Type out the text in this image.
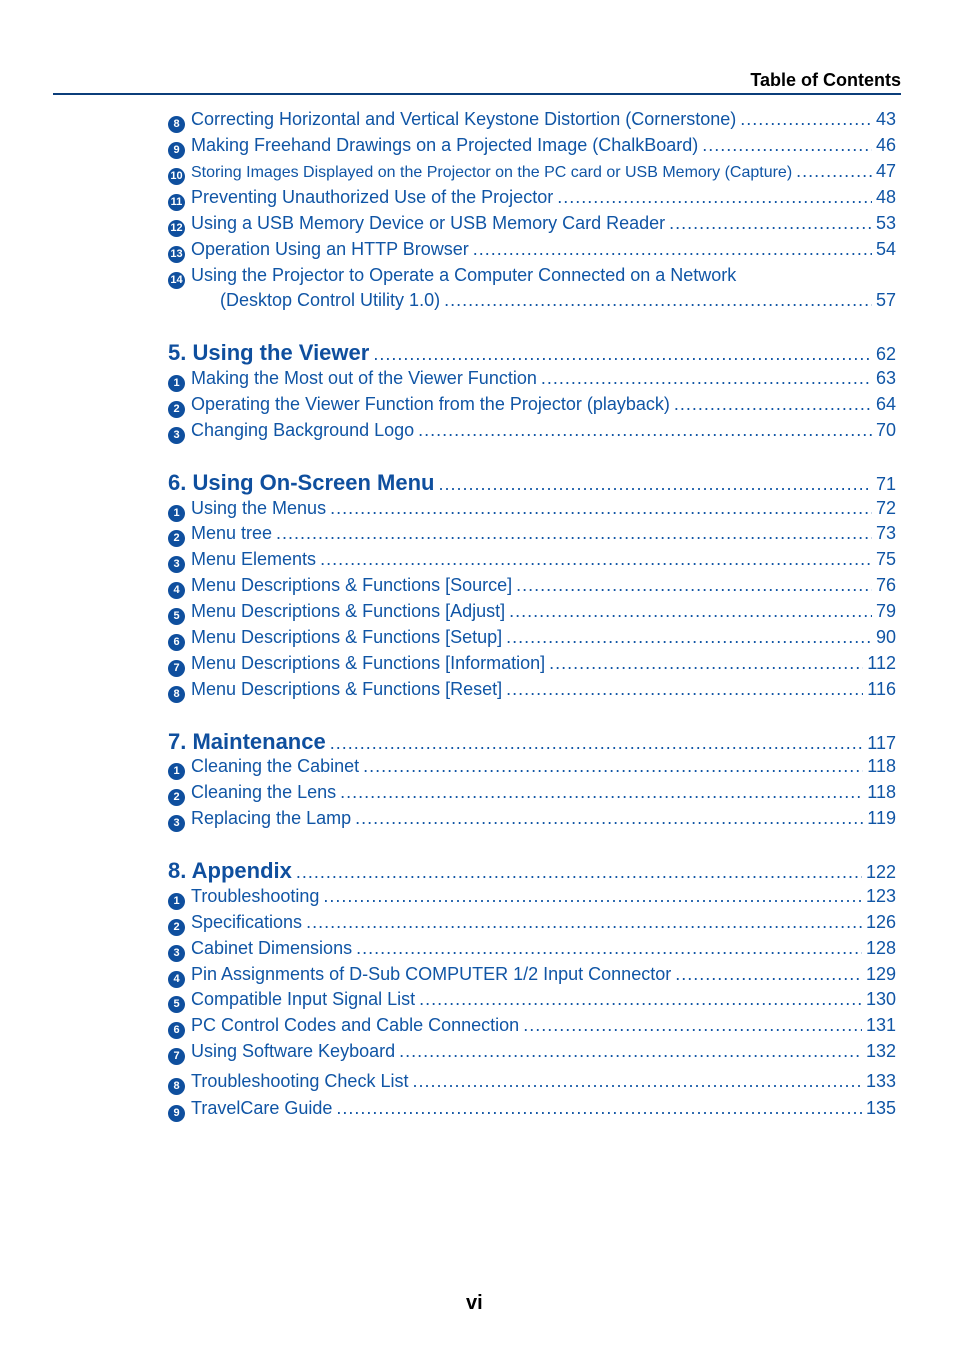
Table of Contents
8 Correcting Horizontal and Vertical Keystone Distortion (Cornerstone) .....	43
9 Making Freehand Drawings on a Projected Image (ChalkBoard) .....	46
10 Storing Images Displayed on the Projector on the PC card or USB Memory (Capture) .....	47
11 Preventing Unauthorized Use of the Projector .....	48
12 Using a USB Memory Device or USB Memory Card Reader .....	53
13 Operation Using an HTTP Browser .....	54
14 Using the Projector to Operate a Computer Connected on a Network
(Desktop Control Utility 1.0) .....	57
5. Using the Viewer .....	62
1 Making the Most out of the Viewer Function .....	63
2 Operating the Viewer Function from the Projector (playback) .....	64
3 Changing Background Logo .....	70
6. Using On-Screen Menu .....	71
1 Using the Menus .....	72
2 Menu tree .....	73
3 Menu Elements .....	75
4 Menu Descriptions & Functions [Source] .....	76
5 Menu Descriptions & Functions [Adjust] .....	79
6 Menu Descriptions & Functions [Setup] .....	90
7 Menu Descriptions & Functions [Information] .....	112
8 Menu Descriptions & Functions [Reset] .....	116
7. Maintenance .....	117
1 Cleaning the Cabinet .....	118
2 Cleaning the Lens .....	118
3 Replacing the Lamp .....	119
8. Appendix .....	122
1 Troubleshooting .....	123
2 Specifications .....	126
3 Cabinet Dimensions .....	128
4 Pin Assignments of D-Sub COMPUTER 1/2 Input Connector .....	129
5 Compatible Input Signal List .....	130
6 PC Control Codes and Cable Connection .....	131
7 Using Software Keyboard .....	132
8 Troubleshooting Check List .....	133
9 TravelCare Guide .....	135
vi
